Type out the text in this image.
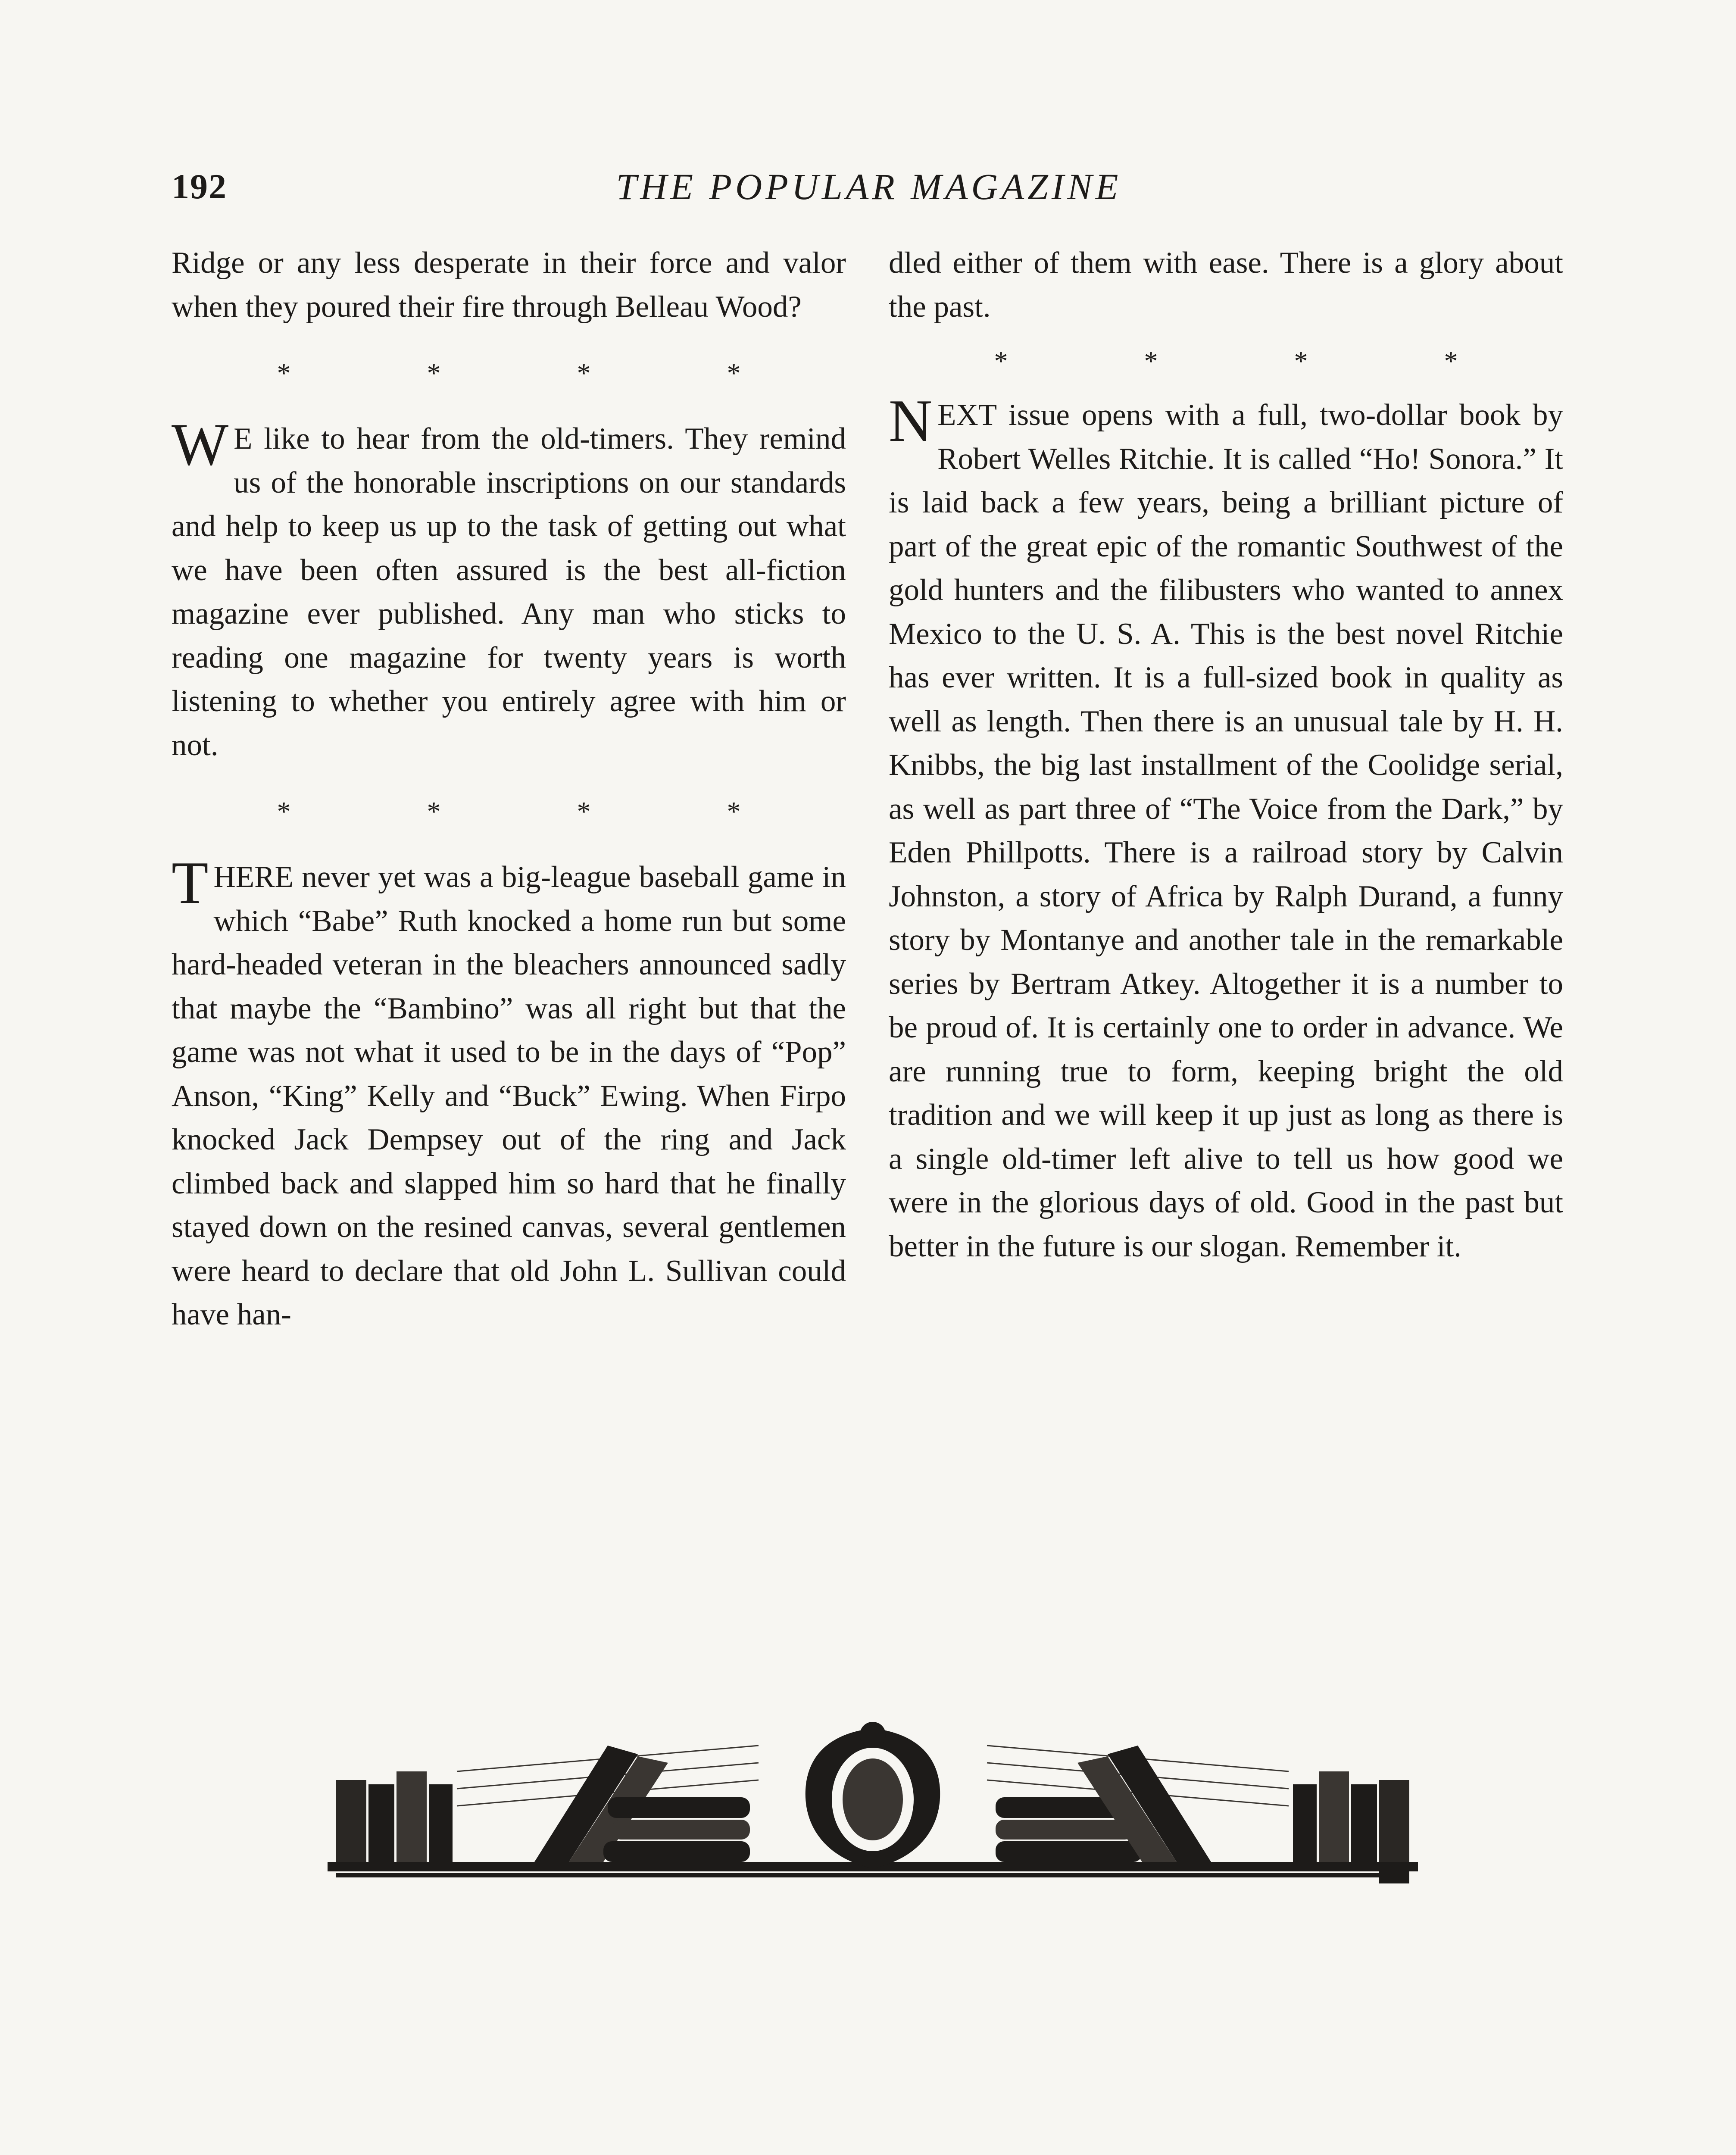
192	THE POPULAR MAGAZINE

Ridge or any less desperate in their force and valor when they poured their fire through Belleau Wood?

* * * *

W E like to hear from the old-timers. They remind us of the honorable inscriptions on our standards and help to keep us up to the task of getting out what we have been often assured is the best all-fiction magazine ever published. Any man who sticks to reading one magazine for twenty years is worth listening to whether you entirely agree with him or not.

* * * *

THERE never yet was a big-league baseball game in which “Babe” Ruth knocked a home run but some hard-headed veteran in the bleachers announced sadly that maybe the “Bambino” was all right but that the game was not what it used to be in the days of “Pop” Anson, “King” Kelly and “Buck” Ewing. When Firpo knocked Jack Dempsey out of the ring and Jack climbed back and slapped him so hard that he finally stayed down on the resined canvas, several gentlemen were heard to declare that old John L. Sullivan could have han-

dled either of them with ease. There is a glory about the past.

* * * *

NEXT issue opens with a full, two-dollar book by Robert Welles Ritchie. It is called “Ho! Sonora.” It is laid back a few years, being a brilliant picture of part of the great epic of the romantic Southwest of the gold hunters and the filibusters who wanted to annex Mexico to the U. S. A. This is the best novel Ritchie has ever written. It is a full-sized book in quality as well as length. Then there is an unusual tale by H. H. Knibbs, the big last installment of the Coolidge serial, as well as part three of “The Voice from the Dark,” by Eden Phillpotts. There is a railroad story by Calvin Johnston, a story of Africa by Ralph Durand, a funny story by Montanye and another tale in the remarkable series by Bertram Atkey. Altogether it is a number to be proud of. It is certainly one to order in advance. We are running true to form, keeping bright the old tradition and we will keep it up just as long as there is a single old-timer left alive to tell us how good we were in the glorious days of old. Good in the past but better in the future is our slogan. Remember it.
